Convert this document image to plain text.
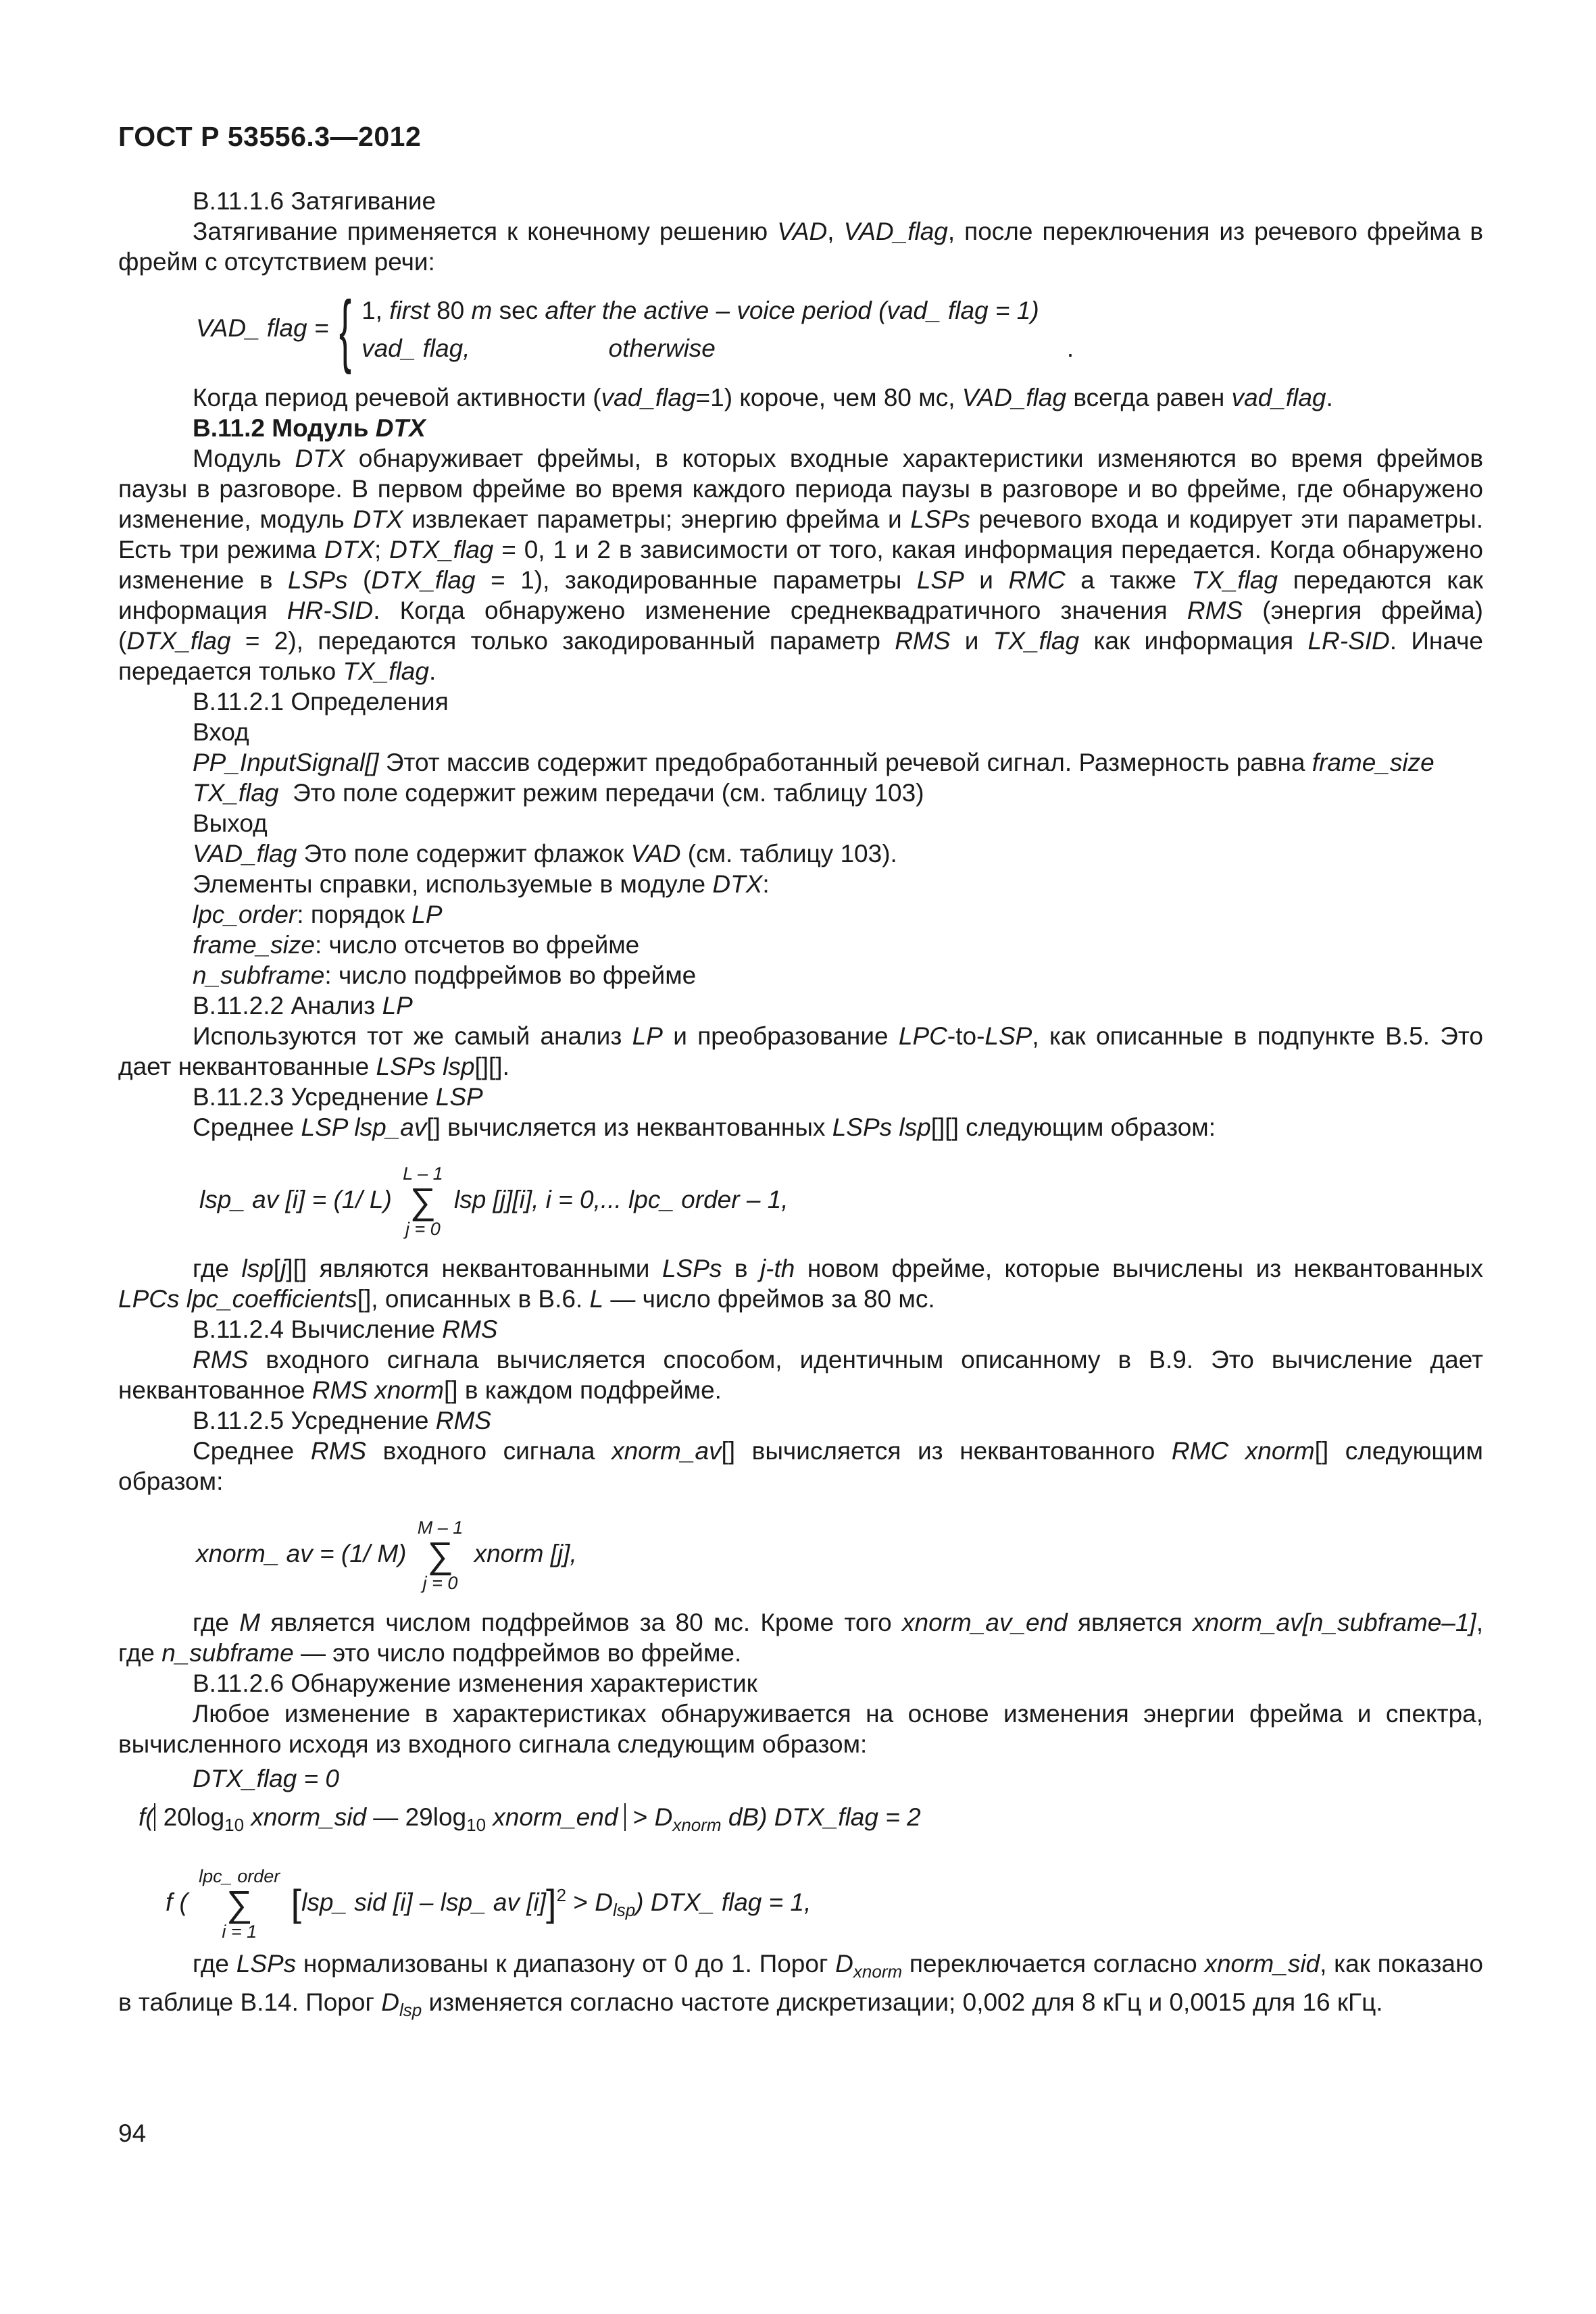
ГОСТ Р 53556.3—2012

В.11.1.6 Затягивание

Затягивание применяется к конечному решению VAD, VAD_flag, после переключения из речевого фрейма в фрейм с отсутствием речи:

VAD_ flag = { 1, first 80 m sec after the active – voice period (vad_ flag = 1)
vad_ flag,	otherwise	.

Когда период речевой активности (vad_flag=1) короче, чем 80 мс, VAD_flag всегда равен vad_flag.

В.11.2 Модуль DTX

Модуль DTX обнаруживает фреймы, в которых входные характеристики изменяются во время фреймов паузы в разговоре. В первом фрейме во время каждого периода паузы в разговоре и во фрейме, где обнаружено изменение, модуль DTX извлекает параметры; энергию фрейма и LSPs речевого входа и кодирует эти параметры. Есть три режима DTX; DTX_flag = 0, 1 и 2 в зависимости от того, какая информация передается. Когда обнаружено изменение в LSPs (DTX_flag = 1), закодированные параметры LSP и RMC а также TX_flag передаются как информация HR-SID. Когда обнаружено изменение среднеквадратичного значения RMS (энергия фрейма) (DTX_flag = 2), передаются только закодированный параметр RMS и TX_flag как информация LR-SID. Иначе передается только TX_flag.

В.11.2.1 Определения

Вход

PP_InputSignal[] Этот массив содержит предобработанный речевой сигнал. Размерность равна frame_size

TX_flag  Это поле содержит режим передачи (см. таблицу 103)

Выход

VAD_flag Это поле содержит флажок VAD (см. таблицу 103).

Элементы справки, используемые в модуле DTX:

lpc_order: порядок LP

frame_size: число отсчетов во фрейме

n_subframe: число подфреймов во фрейме

В.11.2.2 Анализ LP

Используются тот же самый анализ LP и преобразование LPC-to-LSP, как описанные в подпункте В.5. Это дает неквантованные LSPs lsp[][].

В.11.2.3 Усреднение LSP

Среднее LSP lsp_av[] вычисляется из неквантованных LSPs lsp[][] следующим образом:

lsp_ av [i] = (1/ L)
L – 1
∑
j = 0
lsp [j][i], i = 0,... lpc_ order – 1,

где lsp[j][] являются неквантованными LSPs в j-th новом фрейме, которые вычислены из неквантованных LPCs lpc_coefficients[], описанных в В.6. L — число фреймов за 80 мс.

В.11.2.4 Вычисление RMS

RMS входного сигнала вычисляется способом, идентичным описанному в В.9. Это вычисление дает неквантованное RMS xnorm[] в каждом подфрейме.

В.11.2.5 Усреднение RMS

Среднее RMS входного сигнала xnorm_av[] вычисляется из неквантованного RMC xnorm[] следующим образом:

xnorm_ av = (1/ M)
M – 1
∑
j = 0
xnorm [j],

где M является числом подфреймов за 80 мс. Кроме того xnorm_av_end является xnorm_av[n_subframe–1], где n_subframe — это число подфреймов во фрейме.

В.11.2.6 Обнаружение изменения характеристик

Любое изменение в характеристиках обнаруживается на основе изменения энергии фрейма и спектра, вычисленного исходя из входного сигнала следующим образом:

DTX_flag = 0

f( $20\log_{10}$ xnorm_sid — $29\log_{10}$ xnorm_end > $D_{xnorm}$ dB) DTX_flag = 2
f (
lpc_ order
∑
i = 1
[lsp_ sid [i] – lsp_ av $[i]]^2 > D_{lsp}$) DTX_ flag = 1,

где LSPs нормализованы к диапазону от 0 до 1. Порог $D_{xnorm}$ переключается согласно xnorm_sid, как показано в таблице В.14. Порог $D_{lsp}$ изменяется согласно частоте дискретизации; 0,002 для 8 кГц и 0,0015 для 16 кГц.

94
